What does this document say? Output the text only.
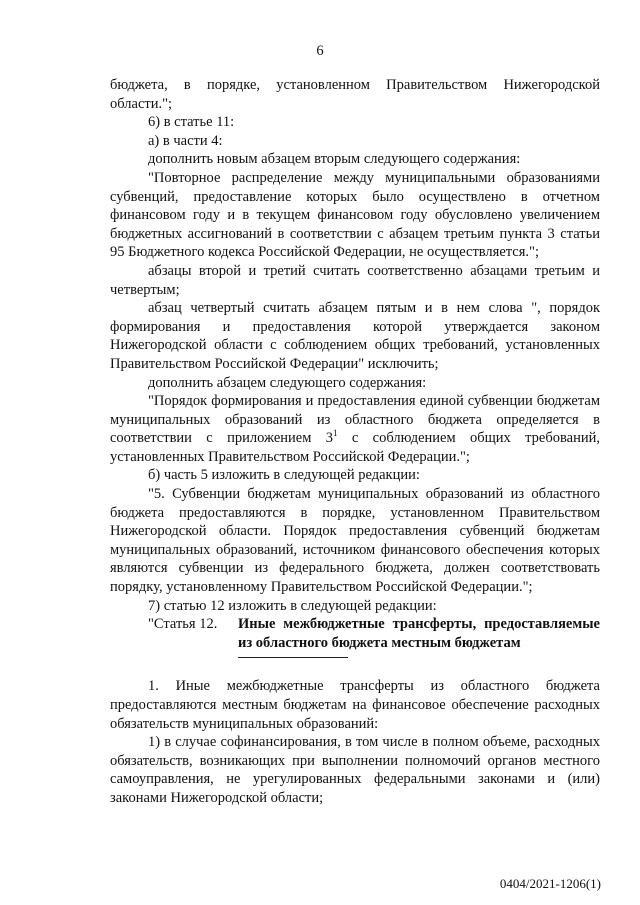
6

бюджета, в порядке, установленном Правительством Нижегородской области.";

6) в статье 11:

а) в части 4:

дополнить новым абзацем вторым следующего содержания:

"Повторное распределение между муниципальными образованиями субвенций, предоставление которых было осуществлено в отчетном финансовом году и в текущем финансовом году обусловлено увеличением бюджетных ассигнований в соответствии с абзацем третьим пункта 3 статьи 95 Бюджетного кодекса Российской Федерации, не осуществляется.";

абзацы второй и третий считать соответственно абзацами третьим и четвертым;

абзац четвертый считать абзацем пятым и в нем слова ", порядок формирования и предоставления которой утверждается законом Нижегородской области с соблюдением общих требований, установленных Правительством Российской Федерации" исключить;

дополнить абзацем следующего содержания:

"Порядок формирования и предоставления единой субвенции бюджетам муниципальных образований из областного бюджета определяется в соответствии с приложением $3^1$ с соблюдением общих требований, установленных Правительством Российской Федерации.";

б) часть 5 изложить в следующей редакции:

"5. Субвенции бюджетам муниципальных образований из областного бюджета предоставляются в порядке, установленном Правительством Нижегородской области. Порядок предоставления субвенций бюджетам муниципальных образований, источником финансового обеспечения которых являются субвенции из федерального бюджета, должен соответствовать порядку, установленному Правительством Российской Федерации.";

7) статью 12 изложить в следующей редакции:

"Статья 12.	Иные межбюджетные трансферты, предоставляемые из областного бюджета местным бюджетам

1. Иные межбюджетные трансферты из областного бюджета предоставляются местным бюджетам на финансовое обеспечение расходных обязательств муниципальных образований:

1) в случае софинансирования, в том числе в полном объеме, расходных обязательств, возникающих при выполнении полномочий органов местного самоуправления, не урегулированных федеральными законами и (или) законами Нижегородской области;

0404/2021-1206(1)
